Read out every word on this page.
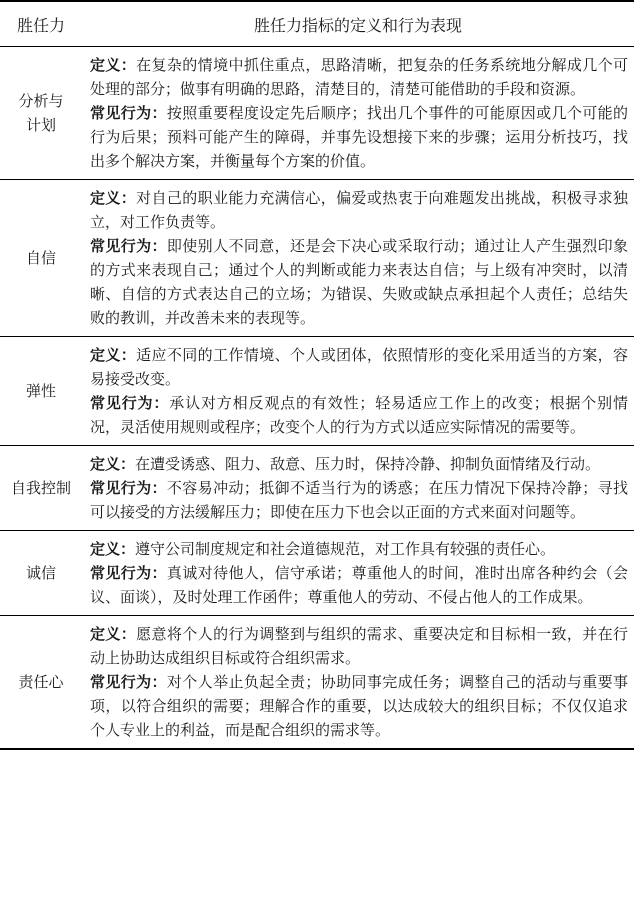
胜任力	胜任力指标的定义和行为表现
分析与计划	定义：在复杂的情境中抓住重点，思路清晰，把复杂的任务系统地分解成几个可处理的部分；做事有明确的思路，清楚目的，清楚可能借助的手段和资源。

常见行为：按照重要程度设定先后顺序；找出几个事件的可能原因或几个可能的行为后果；预料可能产生的障碍，并事先设想接下来的步骤；运用分析技巧，找出多个解决方案，并衡量每个方案的价值。

自信	定义：对自己的职业能力充满信心，偏爱或热衷于向难题发出挑战，积极寻求独立，对工作负责等。

常见行为：即使别人不同意，还是会下决心或采取行动；通过让人产生强烈印象的方式来表现自己；通过个人的判断或能力来表达自信；与上级有冲突时，以清晰、自信的方式表达自己的立场；为错误、失败或缺点承担起个人责任；总结失败的教训，并改善未来的表现等。

弹性	定义：适应不同的工作情境、个人或团体，依照情形的变化采用适当的方案，容易接受改变。

常见行为：承认对方相反观点的有效性；轻易适应工作上的改变；根据个别情况，灵活使用规则或程序；改变个人的行为方式以适应实际情况的需要等。

自我控制	定义：在遭受诱惑、阻力、敌意、压力时，保持冷静、抑制负面情绪及行动。

常见行为：不容易冲动；抵御不适当行为的诱惑；在压力情况下保持冷静；寻找可以接受的方法缓解压力；即使在压力下也会以正面的方式来面对问题等。

诚信	定义：遵守公司制度规定和社会道德规范，对工作具有较强的责任心。

常见行为：真诚对待他人，信守承诺；尊重他人的时间，准时出席各种约会（会议、面谈），及时处理工作函件；尊重他人的劳动、不侵占他人的工作成果。

责任心	定义：愿意将个人的行为调整到与组织的需求、重要决定和目标相一致，并在行动上协助达成组织目标或符合组织需求。

常见行为：对个人举止负起全责；协助同事完成任务；调整自己的活动与重要事项，以符合组织的需要；理解合作的重要，以达成较大的组织目标；不仅仅追求个人专业上的利益，而是配合组织的需求等。
